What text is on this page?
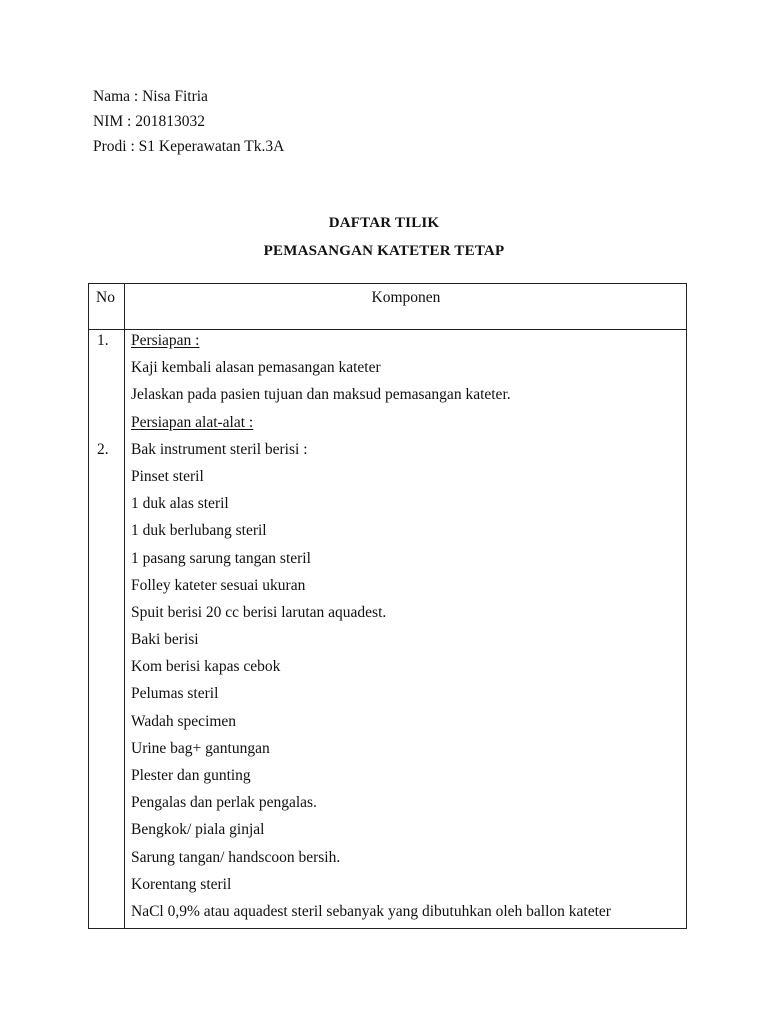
Nama : Nisa Fitria
NIM : 201813032
Prodi : S1 Keperawatan Tk.3A
DAFTAR TILIK
PEMASANGAN KATETER TETAP
No	Komponen
1. Persiapan :
Kaji kembali alasan pemasangan kateter
Jelaskan pada pasien tujuan dan maksud pemasangan kateter.
Persiapan alat-alat :
2. Bak instrument steril berisi :
Pinset steril
1 duk alas steril
1 duk berlubang steril
1 pasang sarung tangan steril
Folley kateter sesuai ukuran
Spuit berisi 20 cc berisi larutan aquadest.
Baki berisi
Kom berisi kapas cebok
Pelumas steril
Wadah specimen
Urine bag+ gantungan
Plester dan gunting
Pengalas dan perlak pengalas.
Bengkok/ piala ginjal
Sarung tangan/ handscoon bersih.
Korentang steril
NaCl 0,9% atau aquadest steril sebanyak yang dibutuhkan oleh ballon kateter
